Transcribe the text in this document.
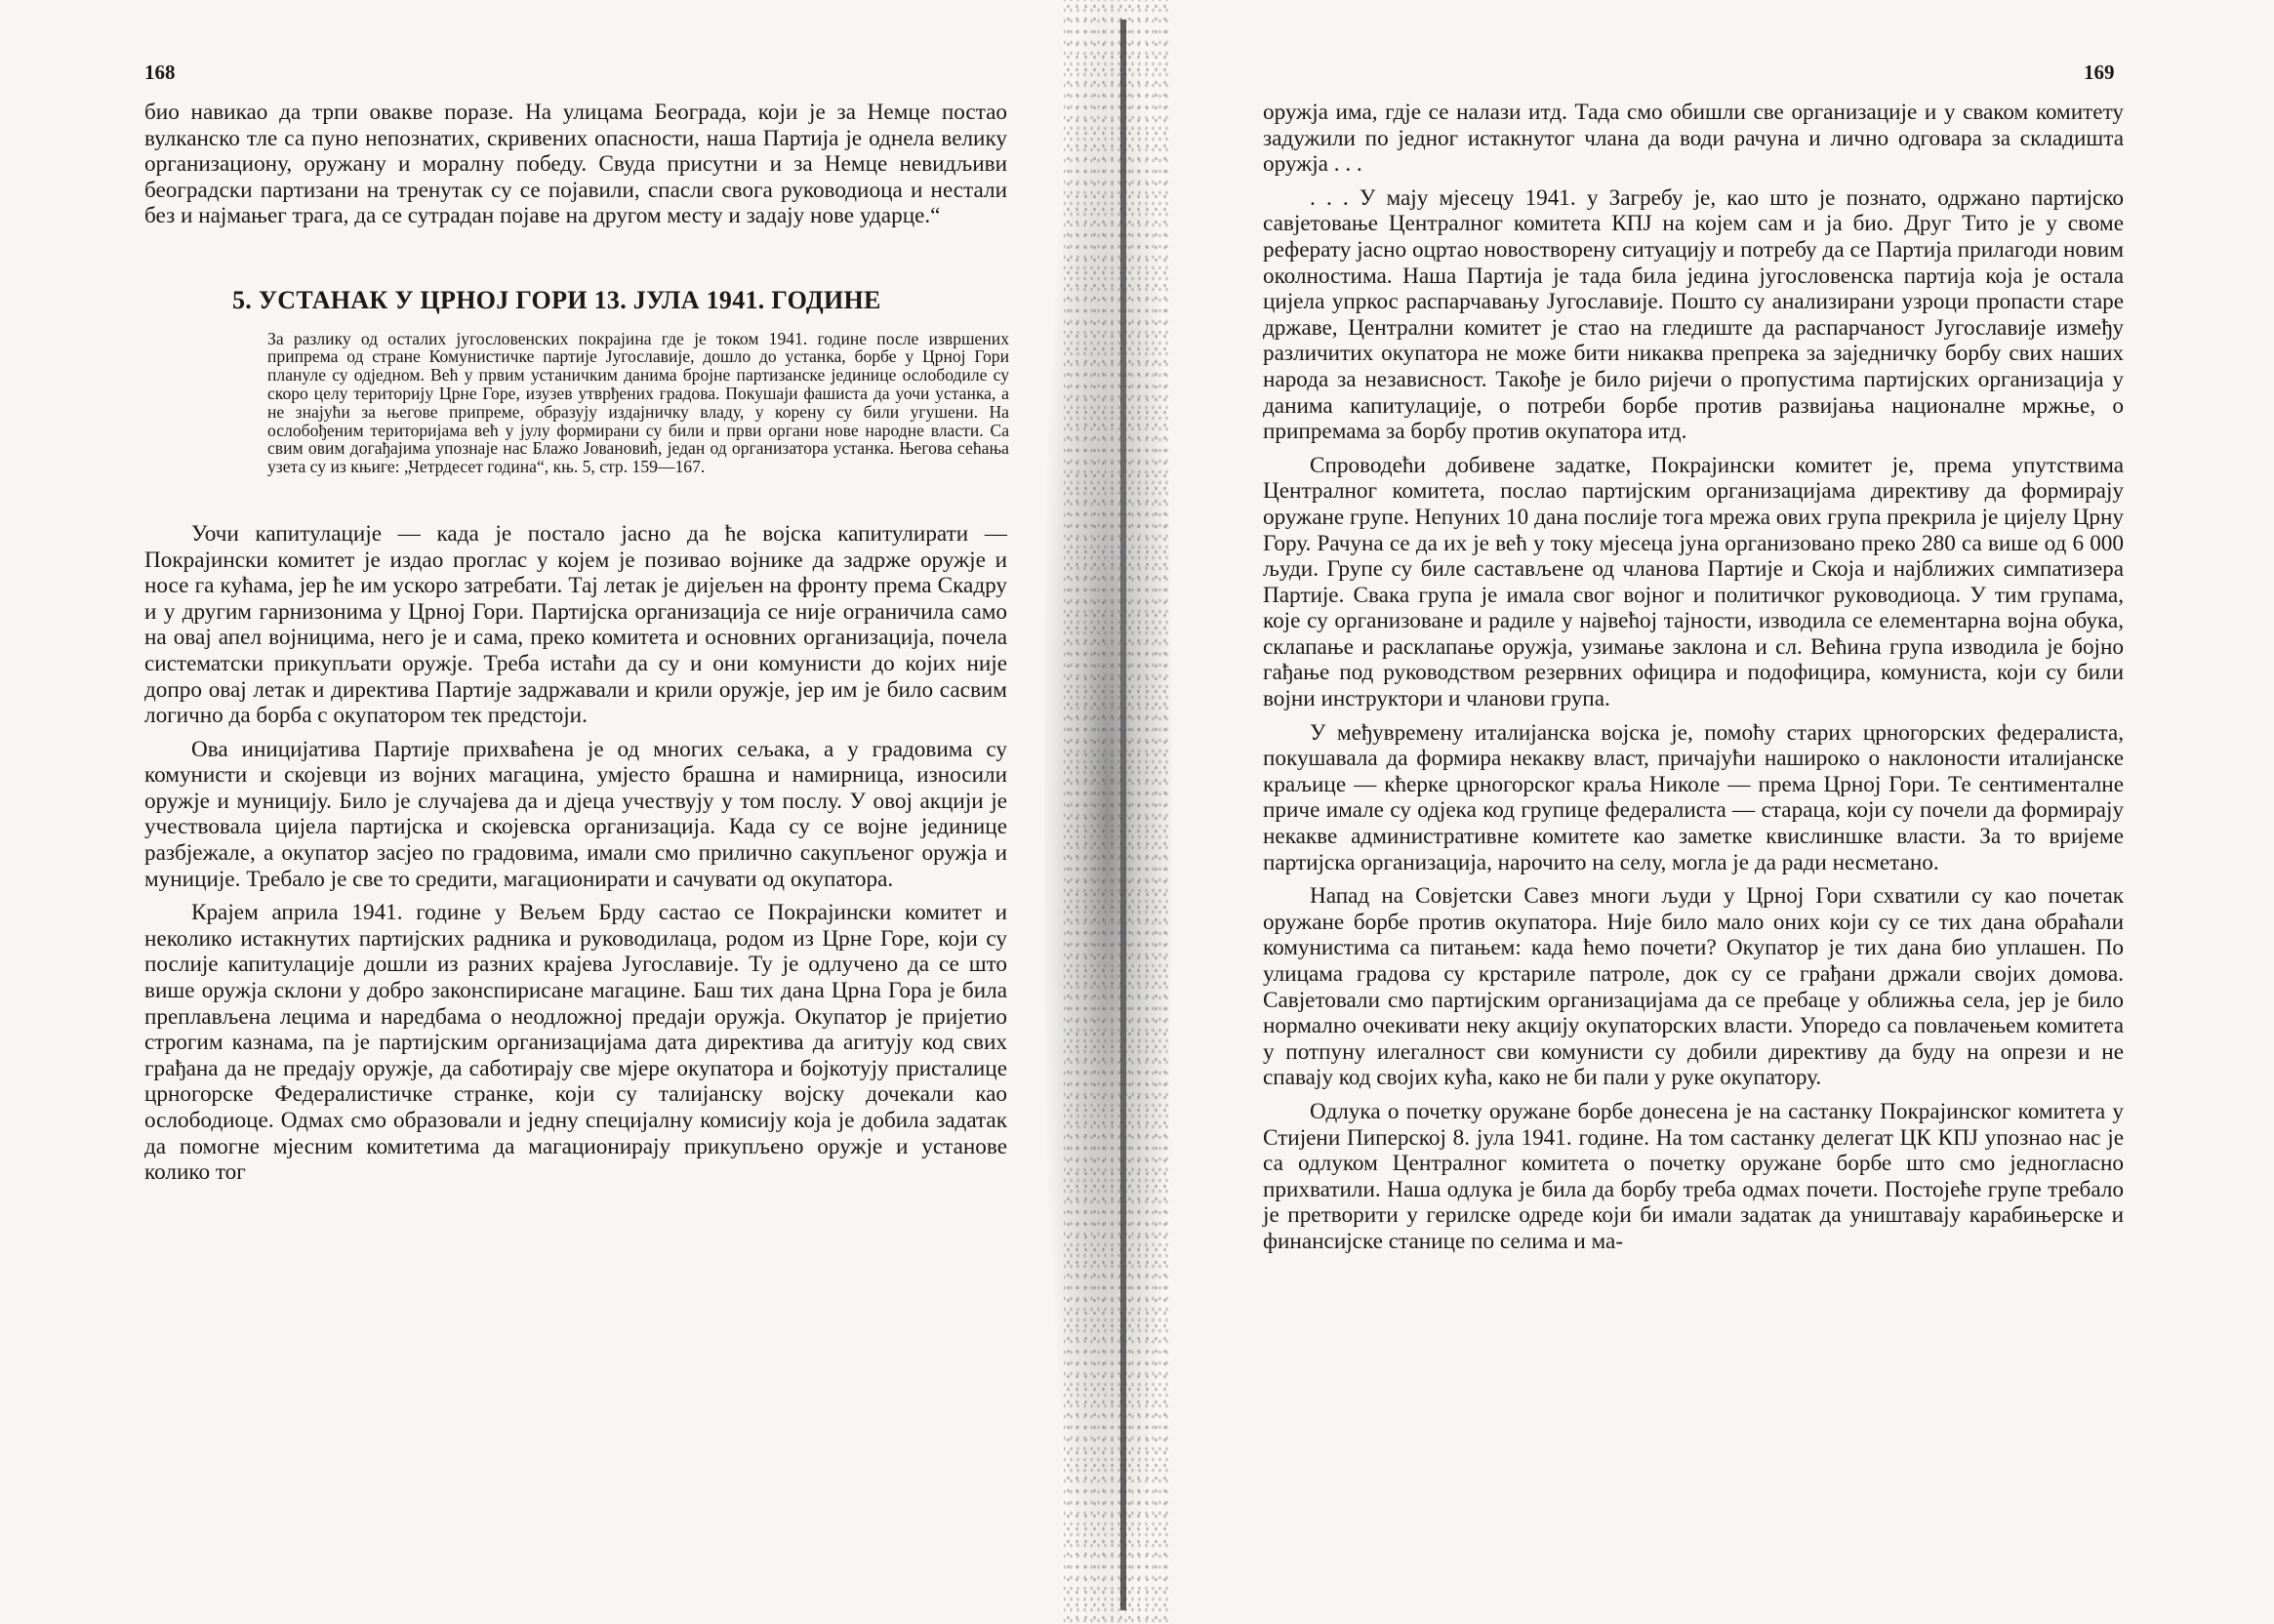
168

био навикао да трпи овакве порaзе. На улицама Београда, који је за Немце постао вулканско тле са пуно непознатих, скривених опасности, наша Партија је однела велику организациону, оружану и моралну победу. Свуда присутни и за Немце невидљиви београдски партизани на тренутак су се појавили, спасли свога руководиоца и нестали без и најмањег трага, да се сутрадан појаве на другом месту и задају нове ударце.“

5. УСТАНАК У ЦРНОЈ ГОРИ 13. ЈУЛА 1941. ГОДИНЕ
За разлику од осталих југословенских покрајина где је током 1941. године после извршених припрема од стране Комунистичке партије Југославије, дошло до устанка, борбе у Црној Гори планулe су одједном. Већ у првим устаничким данима бројне партизанске јединице ослободиле су скоро целу територију Црне Горе, изузев утврђених градова. Покушаји фашиста да уочи устанка, а не знајући за његове припреме, образују издајничку владу, у корену су били угушени. На ослобођеним територијама већ у јулу формирани су били и први органи нове народне власти. Са свим овим догађајима упознаје нас Блажо Јовановић, један од организатора устанка. Његова сећања узета су из књиге: „Четрдесет година“, књ. 5, стр. 159—167.

Уочи капитулације — када је постало јасно да ће војска капитулирати — Покрајински комитет је издао проглас у којем је позивао војнике да задрже оружје и носе га кућама, јер ће им ускоро затребати. Тај летак је дијељен на фронту према Скадру и у другим гарнизонима у Црној Гори. Партијска организација се није ограничила само на овај апел војницима, него је и сама, преко комитета и основних организација, почела систематски прикупљати оружје. Треба истаћи да су и они комунисти до којих није допро овај летак и директива Партије задржавали и крили оружје, јер им је било сасвим логично да борба с окупатором тек предстоји.

Ова иницијатива Партије прихваћена је од многих сељака, а у градовима су комунисти и скојевци из војних магацина, умјесто брашна и намирница, износили оружје и муницију. Било је случајева да и дјеца учествују у том послу. У овој акцији је учествовала цијела партијска и скојевска организација. Када су се војне јединице разбјежале, а окупатор засјео по градовима, имали смо прилично сакупљеног оружја и муниције. Требало је све то средити, магационирати и сачувати од окупатора.

Крајем априла 1941. године у Вељем Брду састао се Покрајински комитет и неколико истакнутих партијских радника и руководилаца, родом из Црне Горе, који су послије капитулације дошли из разних крајева Југославије. Ту је одлучено да се што више оружја склони у добро законспирисане магацине. Баш тих дана Црна Гора је била преплављена лецима и наредбама о неодложној предаји оружја. Окупатор је пријетио строгим казнама, па је партијским организацијама дата директива да агитују код свих грађана да не предају оружје, да саботирају све мјере окупатора и бојкотују присталице црногорске Федералистичке странке, који су талијанску војску дочекали као ослободиоце. Одмах смо образовали и једну специјалну комисију која је добила задатак да помогне мјесним комитетима да магационирају прикупљено оружје и установе колико тог

169

оружја има, гдје се налази итд. Тада смо обишли све организације и у сваком комитету задужили по једног истакнутог члана да води рачуна и лично одговара за складишта оружја . . .

. . . У мају мјесецу 1941. у Загребу је, као што је познато, одржано партијско савјетовање Централног комитета КПЈ на којем сам и ја био. Друг Тито је у своме реферату јасно оцртао новостворену ситуацију и потребу да се Партија прилагоди новим околностима. Наша Партија је тада била једина југословенска партија која је остала цијела упркос распарчавању Југославије. Пошто су анализирани узроци пропасти старе државе, Централни комитет је стао на гледиште да распарчаност Југославије између различитих окупатора не може бити никаква препрека за заједничку борбу свих наших народа за независност. Такође је било ријечи о пропустима партијских организација у данима капитулације, о потреби борбе против развијања националне мржње, о припремама за борбу против окупатора итд.

Спроводећи добивене задатке, Покрајински комитет је, према упутствима Централног комитета, послао партијским организацијама директиву да формирају оружане групе. Непуних 10 дана послије тога мрежа ових група прекрила је цијелу Црну Гору. Рачуна се да их је већ у току мјесеца јуна организовано преко 280 са више од 6 000 људи. Групе су биле састављене од чланова Партије и Скоја и најближих симпатизера Партије. Свака група је имала свог војног и политичког руководиоца. У тим групама, које су организоване и радиле у највећој тајности, изводила се елементарна војна обука, склапање и расклапање оружја, узимање заклона и сл. Већина група изводила је бојно гађање под руководством резервних официра и подофицира, комуниста, који су били војни инструктори и чланови група.

У међувремену италијанска војска је, помоћу старих црногорских федералиста, покушавала да формира некакву власт, причајући нашироко о наклоности италијанске краљице — кћерке црногорског краља Николе — према Црној Гори. Те сентименталне приче имале су одјека код групице федералиста — стараца, који су почели да формирају некакве административне комитете као заметке квислиншке власти. За то вријеме партијска организација, нарочито на селу, могла је да ради несметано.

Напад на Совјетски Савез многи људи у Црној Гори схватили су као почетак оружане борбе против окупатора. Није било мало оних који су се тих дана обраћали комунистима са питањем: када ћемо почети? Окупатор је тих дана био уплашен. По улицама градова су крстариле патроле, док су се грађани држали својих домова. Савјетовали смо партијским организацијама да се пребаце у оближња села, јер је било нормално очекивати неку акцију окупаторских власти. Упоредо са повлачењем комитета у потпуну илегалност сви комунисти су добили директиву да буду на опрези и не спавају код својих кућа, како не би пали у руке окупатору.

Одлука о почетку оружане борбе донесена је на састанку Покрајинског комитета у Стијени Пиперској 8. јула 1941. године. На том састанку делегат ЦК КПЈ упознао нас је са одлуком Централног комитета о почетку оружане борбе што смо једногласно прихватили. Наша одлука је била да борбу треба одмах почети. Постојеће групе требало је претворити у герилске одреде који би имали задатак да уништавају карабињерске и финансијске станице по селима и ма-
